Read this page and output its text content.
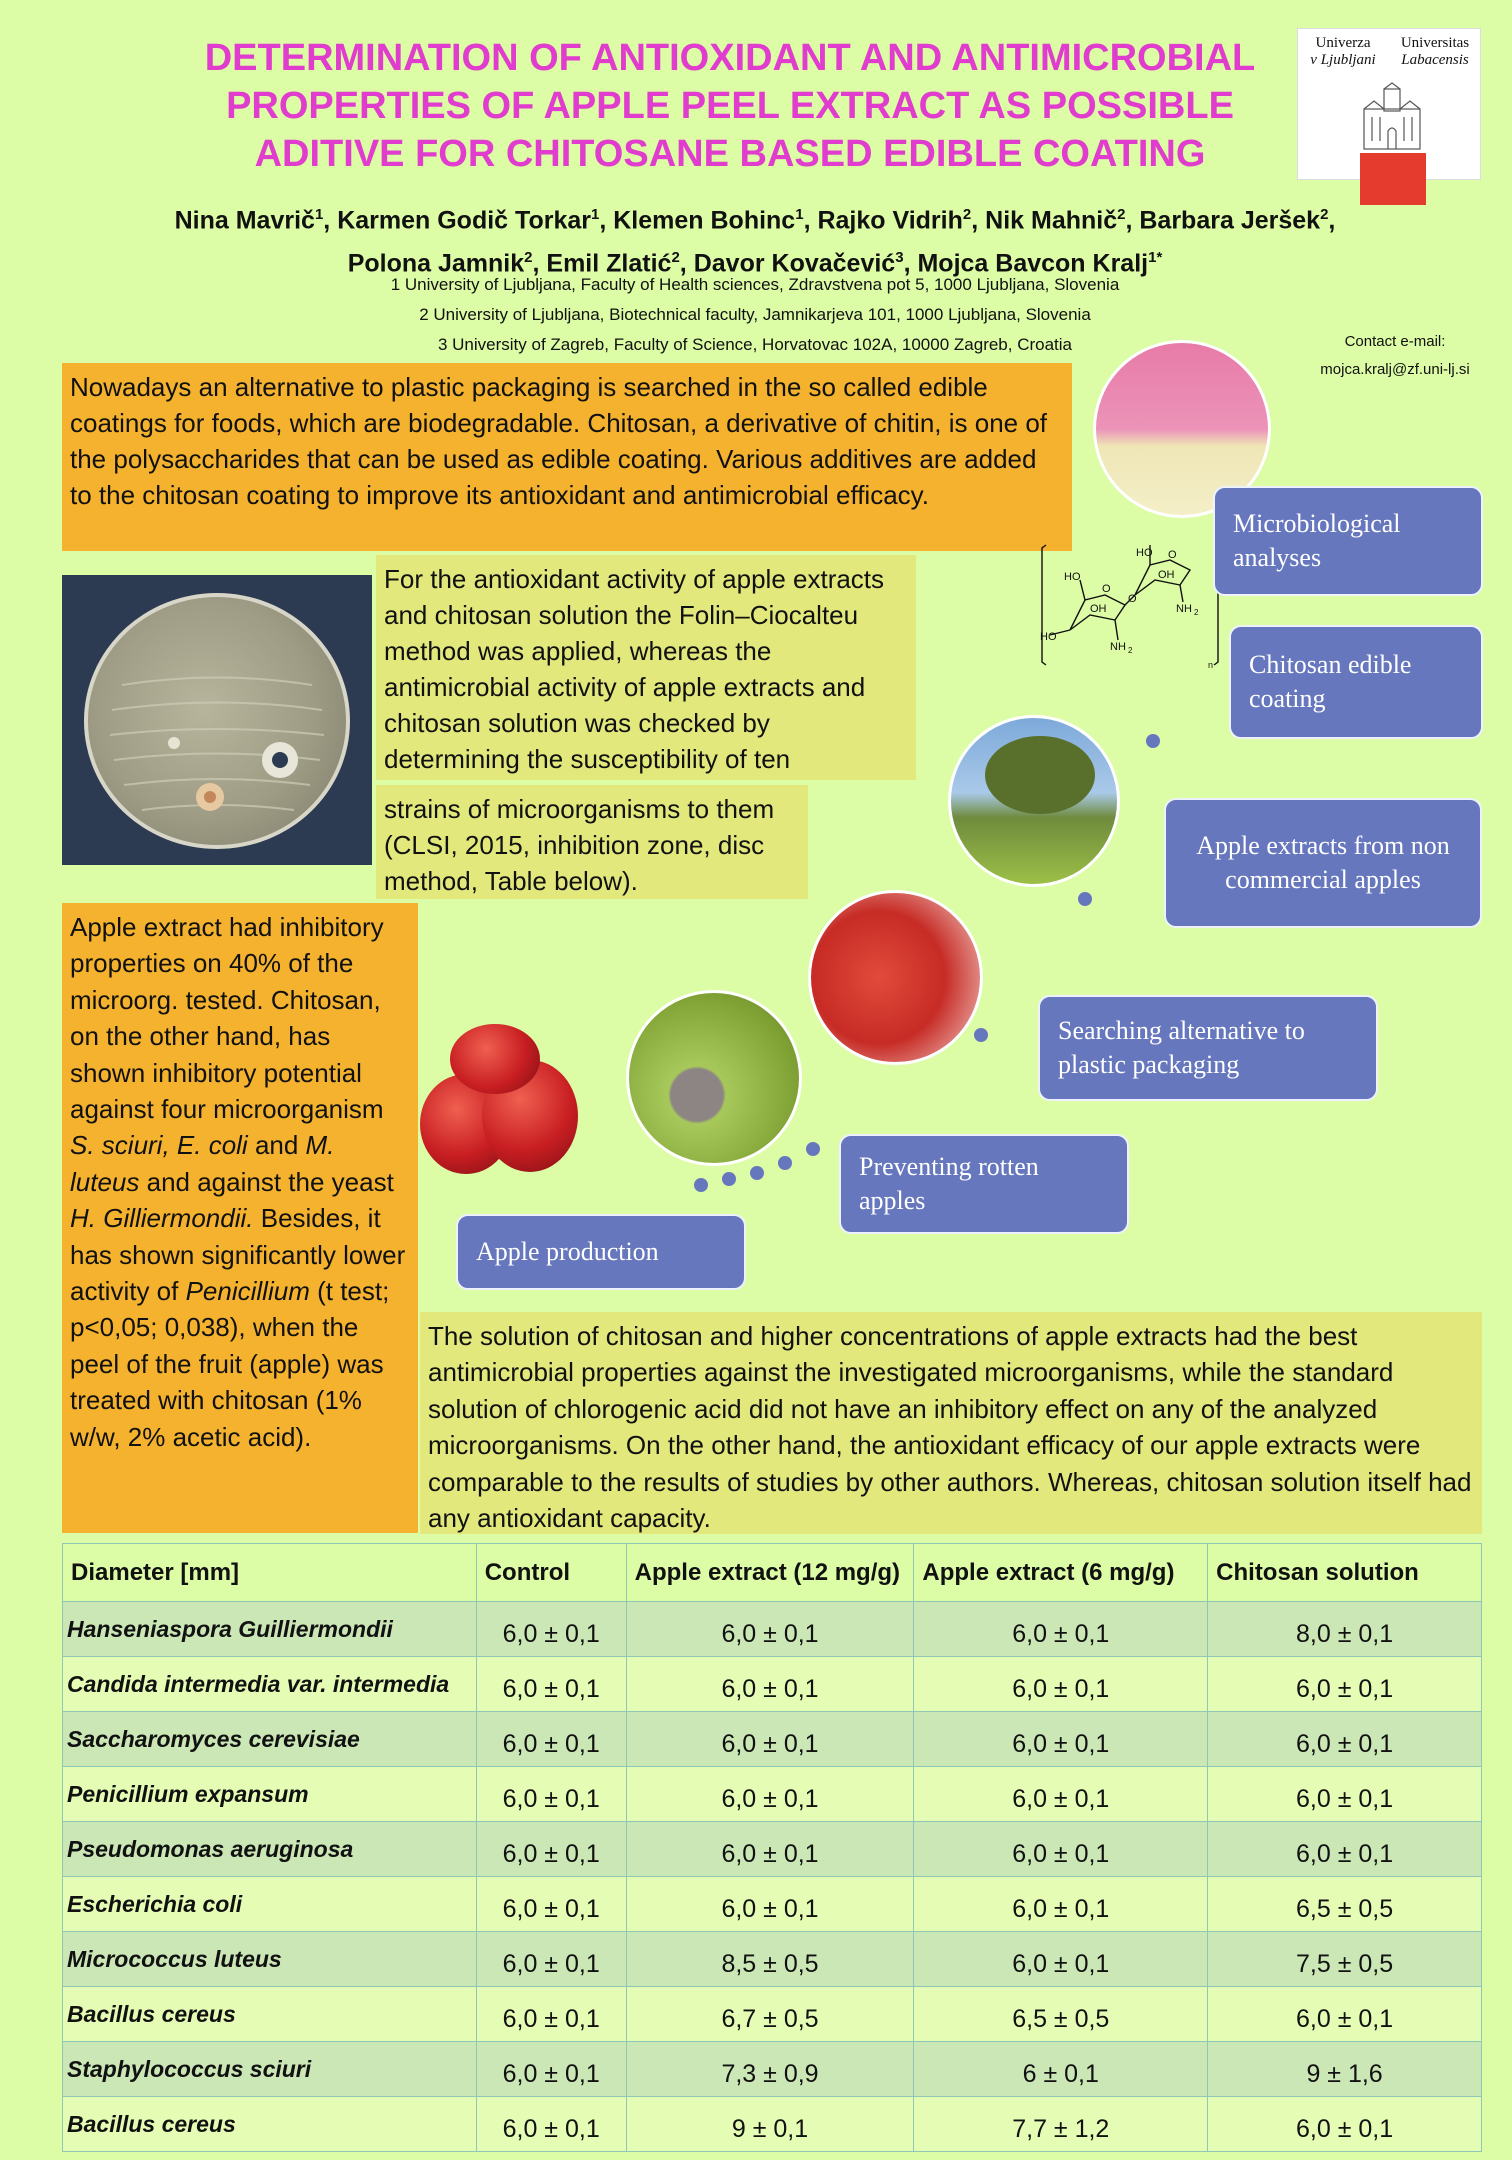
DETERMINATION OF ANTIOXIDANT AND ANTIMICROBIAL
PROPERTIES OF APPLE PEEL EXTRACT AS POSSIBLE
ADITIVE FOR CHITOSANE BASED EDIBLE COATING
Nina Mavrič$^1$, Karmen Godič Torkar$^1$, Klemen Bohinc$^1$, Rajko Vidrih$^2$, Nik Mahnič$^2$, Barbara Jeršek$^2$,
Polona Jamnik$^2$, Emil Zlatić$^2$, Davor Kovačević$^3$, Mojca Bavcon Kralj$^{1*}$
1 University of Ljubljana, Faculty of Health sciences, Zdravstvena pot 5, 1000 Ljubljana, Slovenia
2 University of Ljubljana, Biotechnical faculty, Jamnikarjeva 101, 1000 Ljubljana, Slovenia
3 University of Zagreb, Faculty of Science, Horvatovac 102A, 10000 Zagreb, Croatia
Univerza
v Ljubljani
Universitas
Labacensis
Contact e-mail:
mojca.kralj@zf.uni-lj.si
Nowadays an alternative to plastic packaging is searched in the so called edible coatings for foods, which are biodegradable. Chitosan, a derivative of chitin, is one of the polysaccharides that can be used as edible coating. Various additives are added to the chitosan coating to improve its antioxidant and antimicrobial efficacy.
For the antioxidant activity of apple extracts and chitosan solution the Folin–Ciocalteu method was applied, whereas the antimicrobial activity of apple extracts and chitosan solution was checked by determining the susceptibility of ten
strains of microorganisms to them (CLSI, 2015, inhibition zone, disc method, Table below).
Apple extract had inhibitory properties on 40% of the microorg. tested. Chitosan, on the other hand, has shown inhibitory potential against four microorganism S. sciuri, E. coli and M. luteus and against the yeast H. Gilliermondii. Besides, it has shown significantly lower activity of Penicillium (t test; p<0,05; 0,038), when the peel of the fruit (apple) was treated with chitosan (1% w/w, 2% acetic acid).
The solution of chitosan and higher concentrations of apple extracts had the best antimicrobial properties against the investigated microorganisms, while the standard solution of chlorogenic acid did not have an inhibitory effect on any of the analyzed microorganisms. On the other hand, the antioxidant efficacy of our apple extracts were comparable to the results of studies by other authors. Whereas, chitosan solution itself had any antioxidant capacity.
HO
HO
HO
OH
OH
O
O
O
NH 2
NH 2
n
Microbiological analyses
Chitosan edible coating
Apple extracts from non commercial apples
Searching alternative to plastic packaging
Preventing rotten apples
Apple production
Diameter [mm]	Control	Apple extract (12 mg/g)	Apple extract (6 mg/g)	Chitosan solution
Hanseniaspora Guilliermondii	6,0 ± 0,1	6,0 ± 0,1	6,0 ± 0,1	8,0 ± 0,1
Candida intermedia var. intermedia	6,0 ± 0,1	6,0 ± 0,1	6,0 ± 0,1	6,0 ± 0,1
Saccharomyces cerevisiae	6,0 ± 0,1	6,0 ± 0,1	6,0 ± 0,1	6,0 ± 0,1
Penicillium expansum	6,0 ± 0,1	6,0 ± 0,1	6,0 ± 0,1	6,0 ± 0,1
Pseudomonas aeruginosa	6,0 ± 0,1	6,0 ± 0,1	6,0 ± 0,1	6,0 ± 0,1
Escherichia coli	6,0 ± 0,1	6,0 ± 0,1	6,0 ± 0,1	6,5 ± 0,5
Micrococcus luteus	6,0 ± 0,1	8,5 ± 0,5	6,0 ± 0,1	7,5 ± 0,5
Bacillus cereus	6,0 ± 0,1	6,7 ± 0,5	6,5 ± 0,5	6,0 ± 0,1
Staphylococcus sciuri	6,0 ± 0,1	7,3 ± 0,9	6 ± 0,1	9 ± 1,6
Bacillus cereus	6,0 ± 0,1	9 ± 0,1	7,7 ± 1,2	6,0 ± 0,1
